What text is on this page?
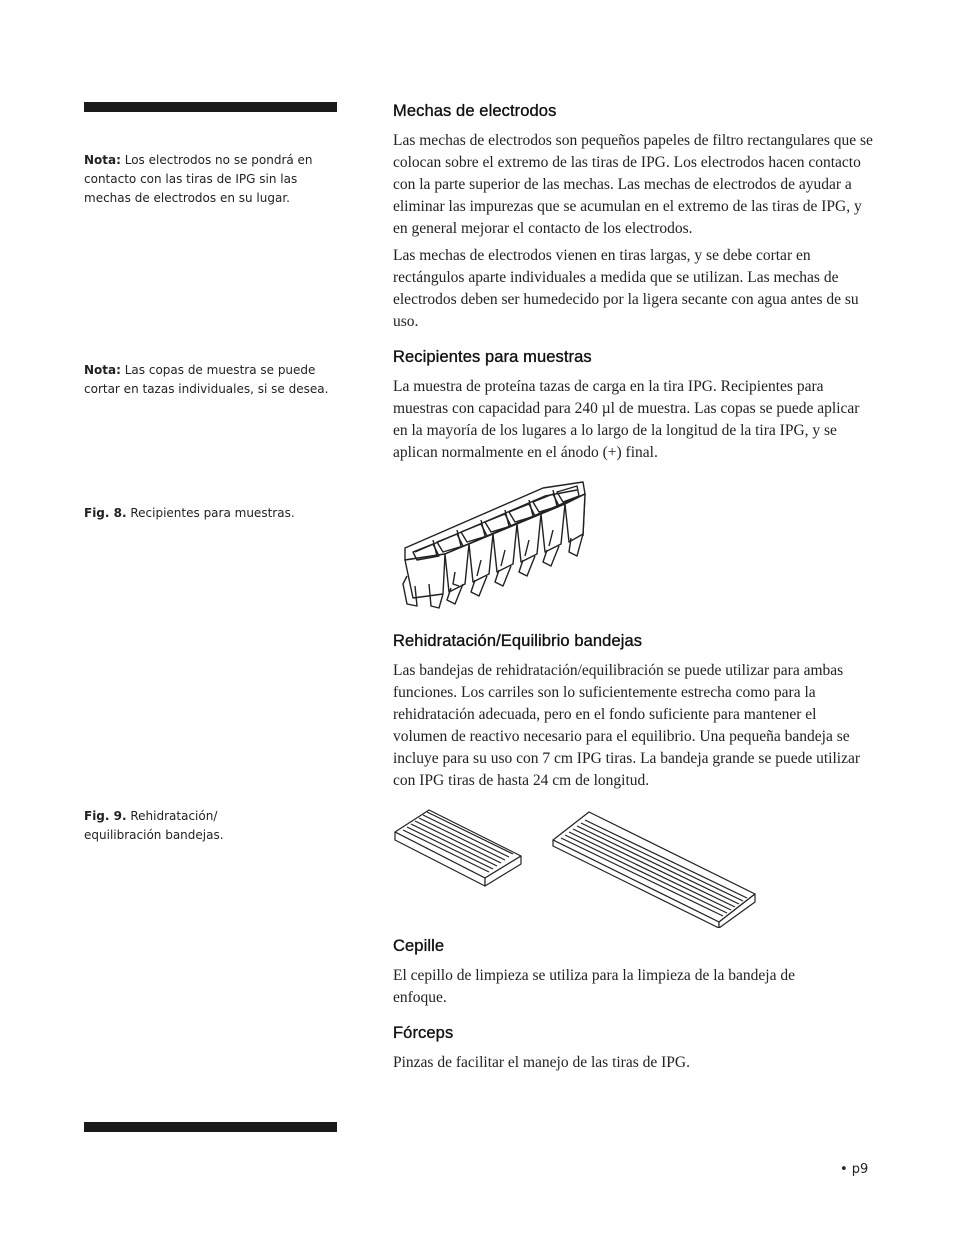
Nota: Los electrodos no se pondrá en contacto con las tiras de IPG sin las mechas de electrodos en su lugar.
Nota: Las copas de muestra se puede cortar en tazas individuales, si se desea.
Fig. 8. Recipientes para muestras.
Fig. 9. Rehidratación/ equilibración bandejas.
Mechas de electrodos

Las mechas de electrodos son pequeños papeles de filtro rectangulares que se colocan sobre el extremo de las tiras de IPG. Los electrodos hacen contacto con la parte superior de las mechas. Las mechas de electrodos de ayudar a eliminar las impurezas que se acumulan en el extremo de las tiras de IPG, y en general mejorar el contacto de los electrodos.

Las mechas de electrodos vienen en tiras largas, y se debe cortar en rectángulos aparte individuales a medida que se utilizan. Las mechas de electrodos deben ser humedecido por la ligera secante con agua antes de su uso.

Recipientes para muestras

La muestra de proteína tazas de carga en la tira IPG. Recipientes para muestras con capacidad para 240 µl de muestra. Las copas se puede aplicar en la mayoría de los lugares a lo largo de la longitud de la tira IPG, y se aplican normalmente en el ánodo (+) final.

Rehidratación/Equilibrio bandejas

Las bandejas de rehidratación/equilibración se puede utilizar para ambas funciones. Los carriles son lo suficientemente estrecha como para la rehidratación adecuada, pero en el fondo suficiente para mantener el volumen de reactivo necesario para el equilibrio. Una pequeña bandeja se incluye para su uso con 7 cm IPG tiras. La bandeja grande se puede utilizar con IPG tiras de hasta 24 cm de longitud.

Cepille

El cepillo de limpieza se utiliza para la limpieza de la bandeja de enfoque.

Fórceps

Pinzas de facilitar el manejo de las tiras de IPG.

• p9
